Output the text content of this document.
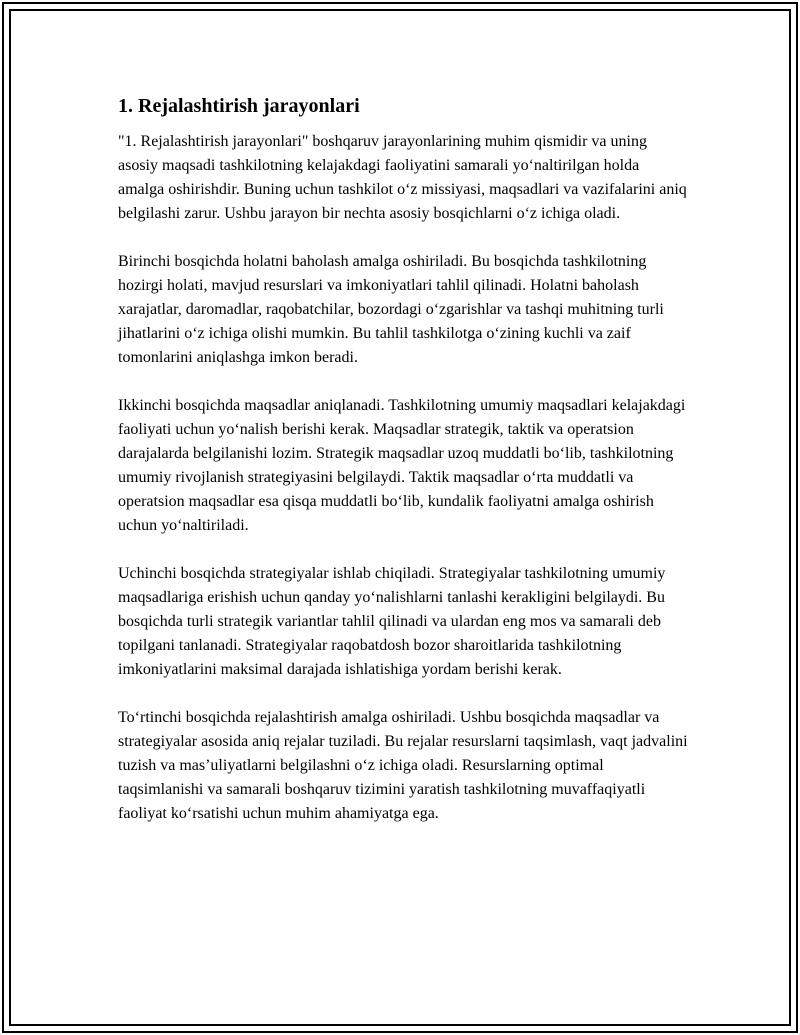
1. Rejalashtirish jarayonlari

"1. Rejalashtirish jarayonlari" boshqaruv jarayonlarining muhim qismidir va uning asosiy maqsadi tashkilotning kelajakdagi faoliyatini samarali yo‘naltirilgan holda amalga oshirishdir. Buning uchun tashkilot o‘z missiyasi, maqsadlari va vazifalarini aniq belgilashi zarur. Ushbu jarayon bir nechta asosiy bosqichlarni o‘z ichiga oladi.

Birinchi bosqichda holatni baholash amalga oshiriladi. Bu bosqichda tashkilotning hozirgi holati, mavjud resurslari va imkoniyatlari tahlil qilinadi. Holatni baholash xarajatlar, daromadlar, raqobatchilar, bozordagi o‘zgarishlar va tashqi muhitning turli jihatlarini o‘z ichiga olishi mumkin. Bu tahlil tashkilotga o‘zining kuchli va zaif tomonlarini aniqlashga imkon beradi.

Ikkinchi bosqichda maqsadlar aniqlanadi. Tashkilotning umumiy maqsadlari kelajakdagi faoliyati uchun yo‘nalish berishi kerak. Maqsadlar strategik, taktik va operatsion darajalarda belgilanishi lozim. Strategik maqsadlar uzoq muddatli bo‘lib, tashkilotning umumiy rivojlanish strategiyasini belgilaydi. Taktik maqsadlar o‘rta muddatli va operatsion maqsadlar esa qisqa muddatli bo‘lib, kundalik faoliyatni amalga oshirish uchun yo‘naltiriladi.

Uchinchi bosqichda strategiyalar ishlab chiqiladi. Strategiyalar tashkilotning umumiy maqsadlariga erishish uchun qanday yo‘nalishlarni tanlashi kerakligini belgilaydi. Bu bosqichda turli strategik variantlar tahlil qilinadi va ulardan eng mos va samarali deb topilgani tanlanadi. Strategiyalar raqobatdosh bozor sharoitlarida tashkilotning imkoniyatlarini maksimal darajada ishlatishiga yordam berishi kerak.

To‘rtinchi bosqichda rejalashtirish amalga oshiriladi. Ushbu bosqichda maqsadlar va strategiyalar asosida aniq rejalar tuziladi. Bu rejalar resurslarni taqsimlash, vaqt jadvalini tuzish va mas’uliyatlarni belgilashni o‘z ichiga oladi. Resurslarning optimal taqsimlanishi va samarali boshqaruv tizimini yaratish tashkilotning muvaffaqiyatli faoliyat ko‘rsatishi uchun muhim ahamiyatga ega.
